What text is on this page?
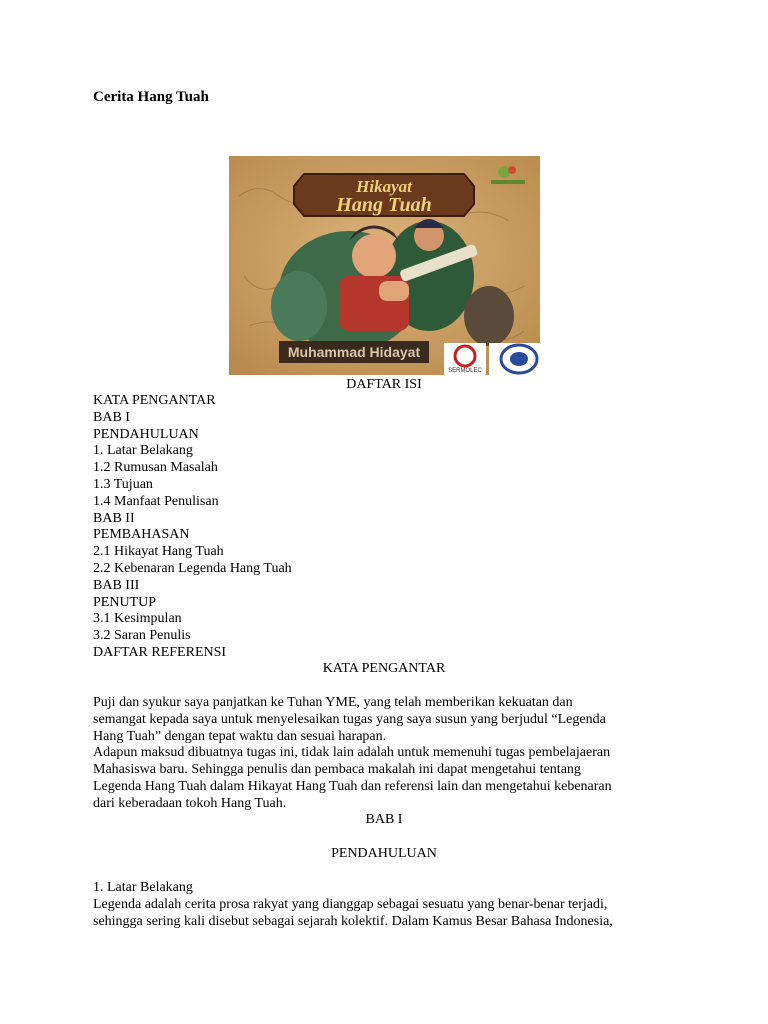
Cerita Hang Tuah
Hikayat
Hang Tuah
Muhammad Hidayat
SERMOLEC
DAFTAR ISI
KATA PENGANTAR
BAB I
PENDAHULUAN
1. Latar Belakang
1.2 Rumusan Masalah
1.3 Tujuan
1.4 Manfaat Penulisan
BAB II
PEMBAHASAN
2.1 Hikayat Hang Tuah
2.2 Kebenaran Legenda Hang Tuah
BAB III
PENUTUP
3.1 Kesimpulan
3.2 Saran Penulis
DAFTAR REFERENSI
KATA PENGANTAR

Puji dan syukur saya panjatkan ke Tuhan YME, yang telah memberikan kekuatan dan

semangat kepada saya untuk menyelesaikan tugas yang saya susun yang berjudul “Legenda

Hang Tuah” dengan tepat waktu dan sesuai harapan.

Adapun maksud dibuatnya tugas ini, tidak lain adalah untuk memenuhi tugas pembelajaeran

Mahasiswa baru. Sehingga penulis dan pembaca makalah ini dapat mengetahui tentang

Legenda Hang Tuah dalam Hikayat Hang Tuah dan referensi lain dan mengetahui kebenaran

dari keberadaan tokoh Hang Tuah.

BAB I
PENDAHULUAN

1. Latar Belakang

Legenda adalah cerita prosa rakyat yang dianggap sebagai sesuatu yang benar-benar terjadi,

sehingga sering kali disebut sebagai sejarah kolektif. Dalam Kamus Besar Bahasa Indonesia,
